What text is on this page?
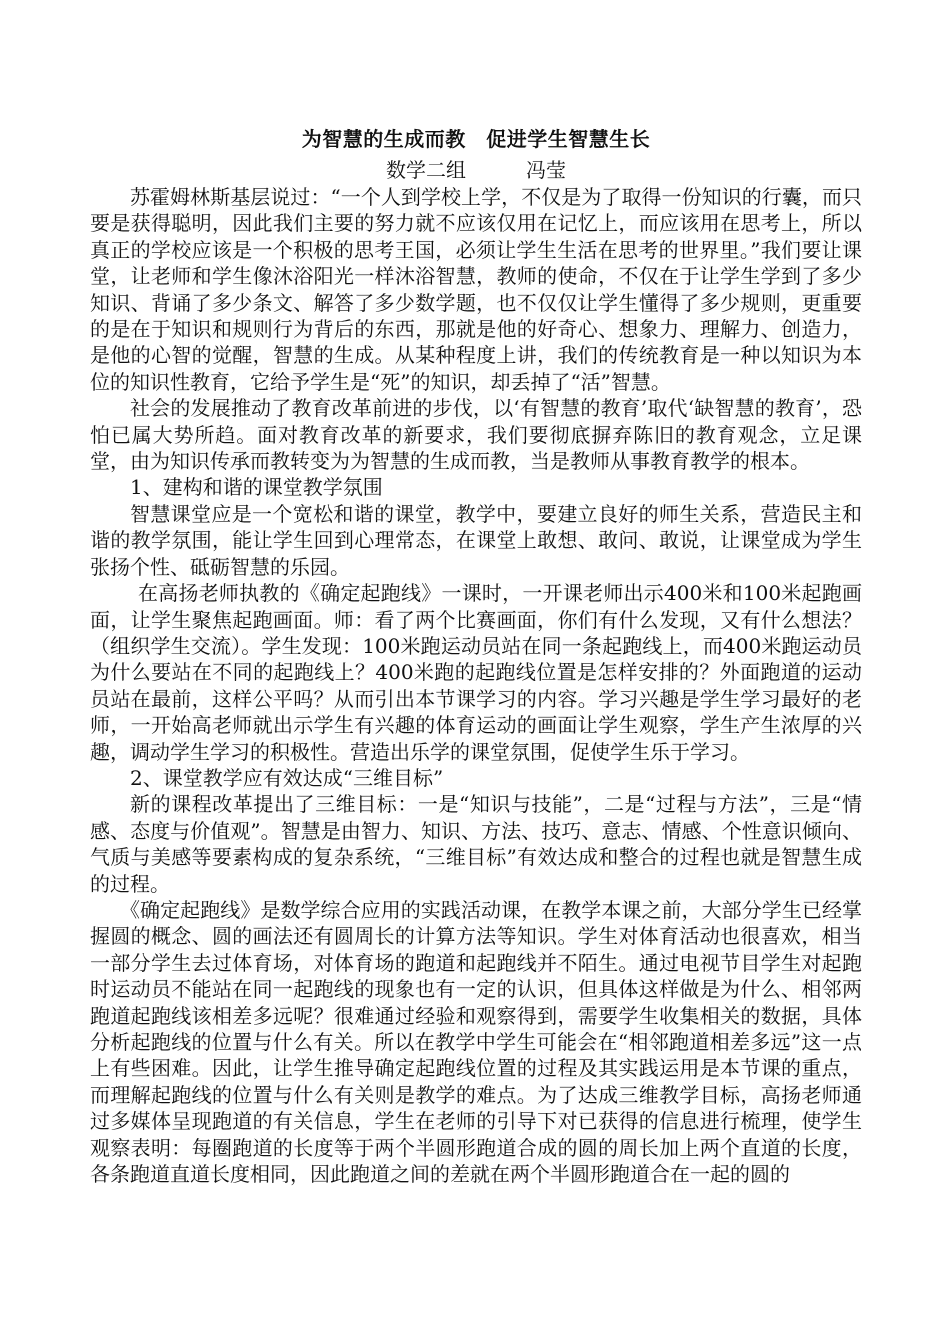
为智慧的生成而教　促进学生智慧生长

数学二组　　　冯莹

苏霍姆林斯基层说过：“一个人到学校上学，不仅是为了取得一份知识的行囊，而只要是获得聪明，因此我们主要的努力就不应该仅用在记忆上，而应该用在思考上，所以真正的学校应该是一个积极的思考王国，必须让学生生活在思考的世界里。”我们要让课堂，让老师和学生像沐浴阳光一样沐浴智慧，教师的使命，不仅在于让学生学到了多少知识、背诵了多少条文、解答了多少数学题，也不仅仅让学生懂得了多少规则，更重要的是在于知识和规则行为背后的东西，那就是他的好奇心、想象力、理解力、创造力，是他的心智的觉醒，智慧的生成。从某种程度上讲，我们的传统教育是一种以知识为本位的知识性教育，它给予学生是“死”的知识，却丢掉了“活”智慧。

社会的发展推动了教育改革前进的步伐，以‘有智慧的教育’取代‘缺智慧的教育’，恐怕已属大势所趋。面对教育改革的新要求，我们要彻底摒弃陈旧的教育观念，立足课堂，由为知识传承而教转变为为智慧的生成而教，当是教师从事教育教学的根本。

1、建构和谐的课堂教学氛围

智慧课堂应是一个宽松和谐的课堂，教学中，要建立良好的师生关系，营造民主和谐的教学氛围，能让学生回到心理常态，在课堂上敢想、敢问、敢说，让课堂成为学生张扬个性、砥砺智慧的乐园。

在高扬老师执教的《确定起跑线》一课时，一开课老师出示400米和100米起跑画面，让学生聚焦起跑画面。师：看了两个比赛画面，你们有什么发现，又有什么想法？（组织学生交流）。学生发现：100米跑运动员站在同一条起跑线上，而400米跑运动员为什么要站在不同的起跑线上？400米跑的起跑线位置是怎样安排的？外面跑道的运动员站在最前，这样公平吗？从而引出本节课学习的内容。学习兴趣是学生学习最好的老师，一开始高老师就出示学生有兴趣的体育运动的画面让学生观察，学生产生浓厚的兴趣，调动学生学习的积极性。营造出乐学的课堂氛围，促使学生乐于学习。

2、课堂教学应有效达成“三维目标”

新的课程改革提出了三维目标：一是“知识与技能”，二是“过程与方法”，三是“情感、态度与价值观”。智慧是由智力、知识、方法、技巧、意志、情感、个性意识倾向、气质与美感等要素构成的复杂系统，“三维目标”有效达成和整合的过程也就是智慧生成的过程。

《确定起跑线》是数学综合应用的实践活动课，在教学本课之前，大部分学生已经掌握圆的概念、圆的画法还有圆周长的计算方法等知识。学生对体育活动也很喜欢，相当一部分学生去过体育场，对体育场的跑道和起跑线并不陌生。通过电视节目学生对起跑时运动员不能站在同一起跑线的现象也有一定的认识，但具体这样做是为什么、相邻两跑道起跑线该相差多远呢？很难通过经验和观察得到，需要学生收集相关的数据，具体分析起跑线的位置与什么有关。所以在教学中学生可能会在“相邻跑道相差多远”这一点上有些困难。因此，让学生推导确定起跑线位置的过程及其实践运用是本节课的重点，而理解起跑线的位置与什么有关则是教学的难点。为了达成三维教学目标，高扬老师通过多媒体呈现跑道的有关信息，学生在老师的引导下对已获得的信息进行梳理，使学生观察表明：每圈跑道的长度等于两个半圆形跑道合成的圆的周长加上两个直道的长度，各条跑道直道长度相同，因此跑道之间的差就在两个半圆形跑道合在一起的圆的
